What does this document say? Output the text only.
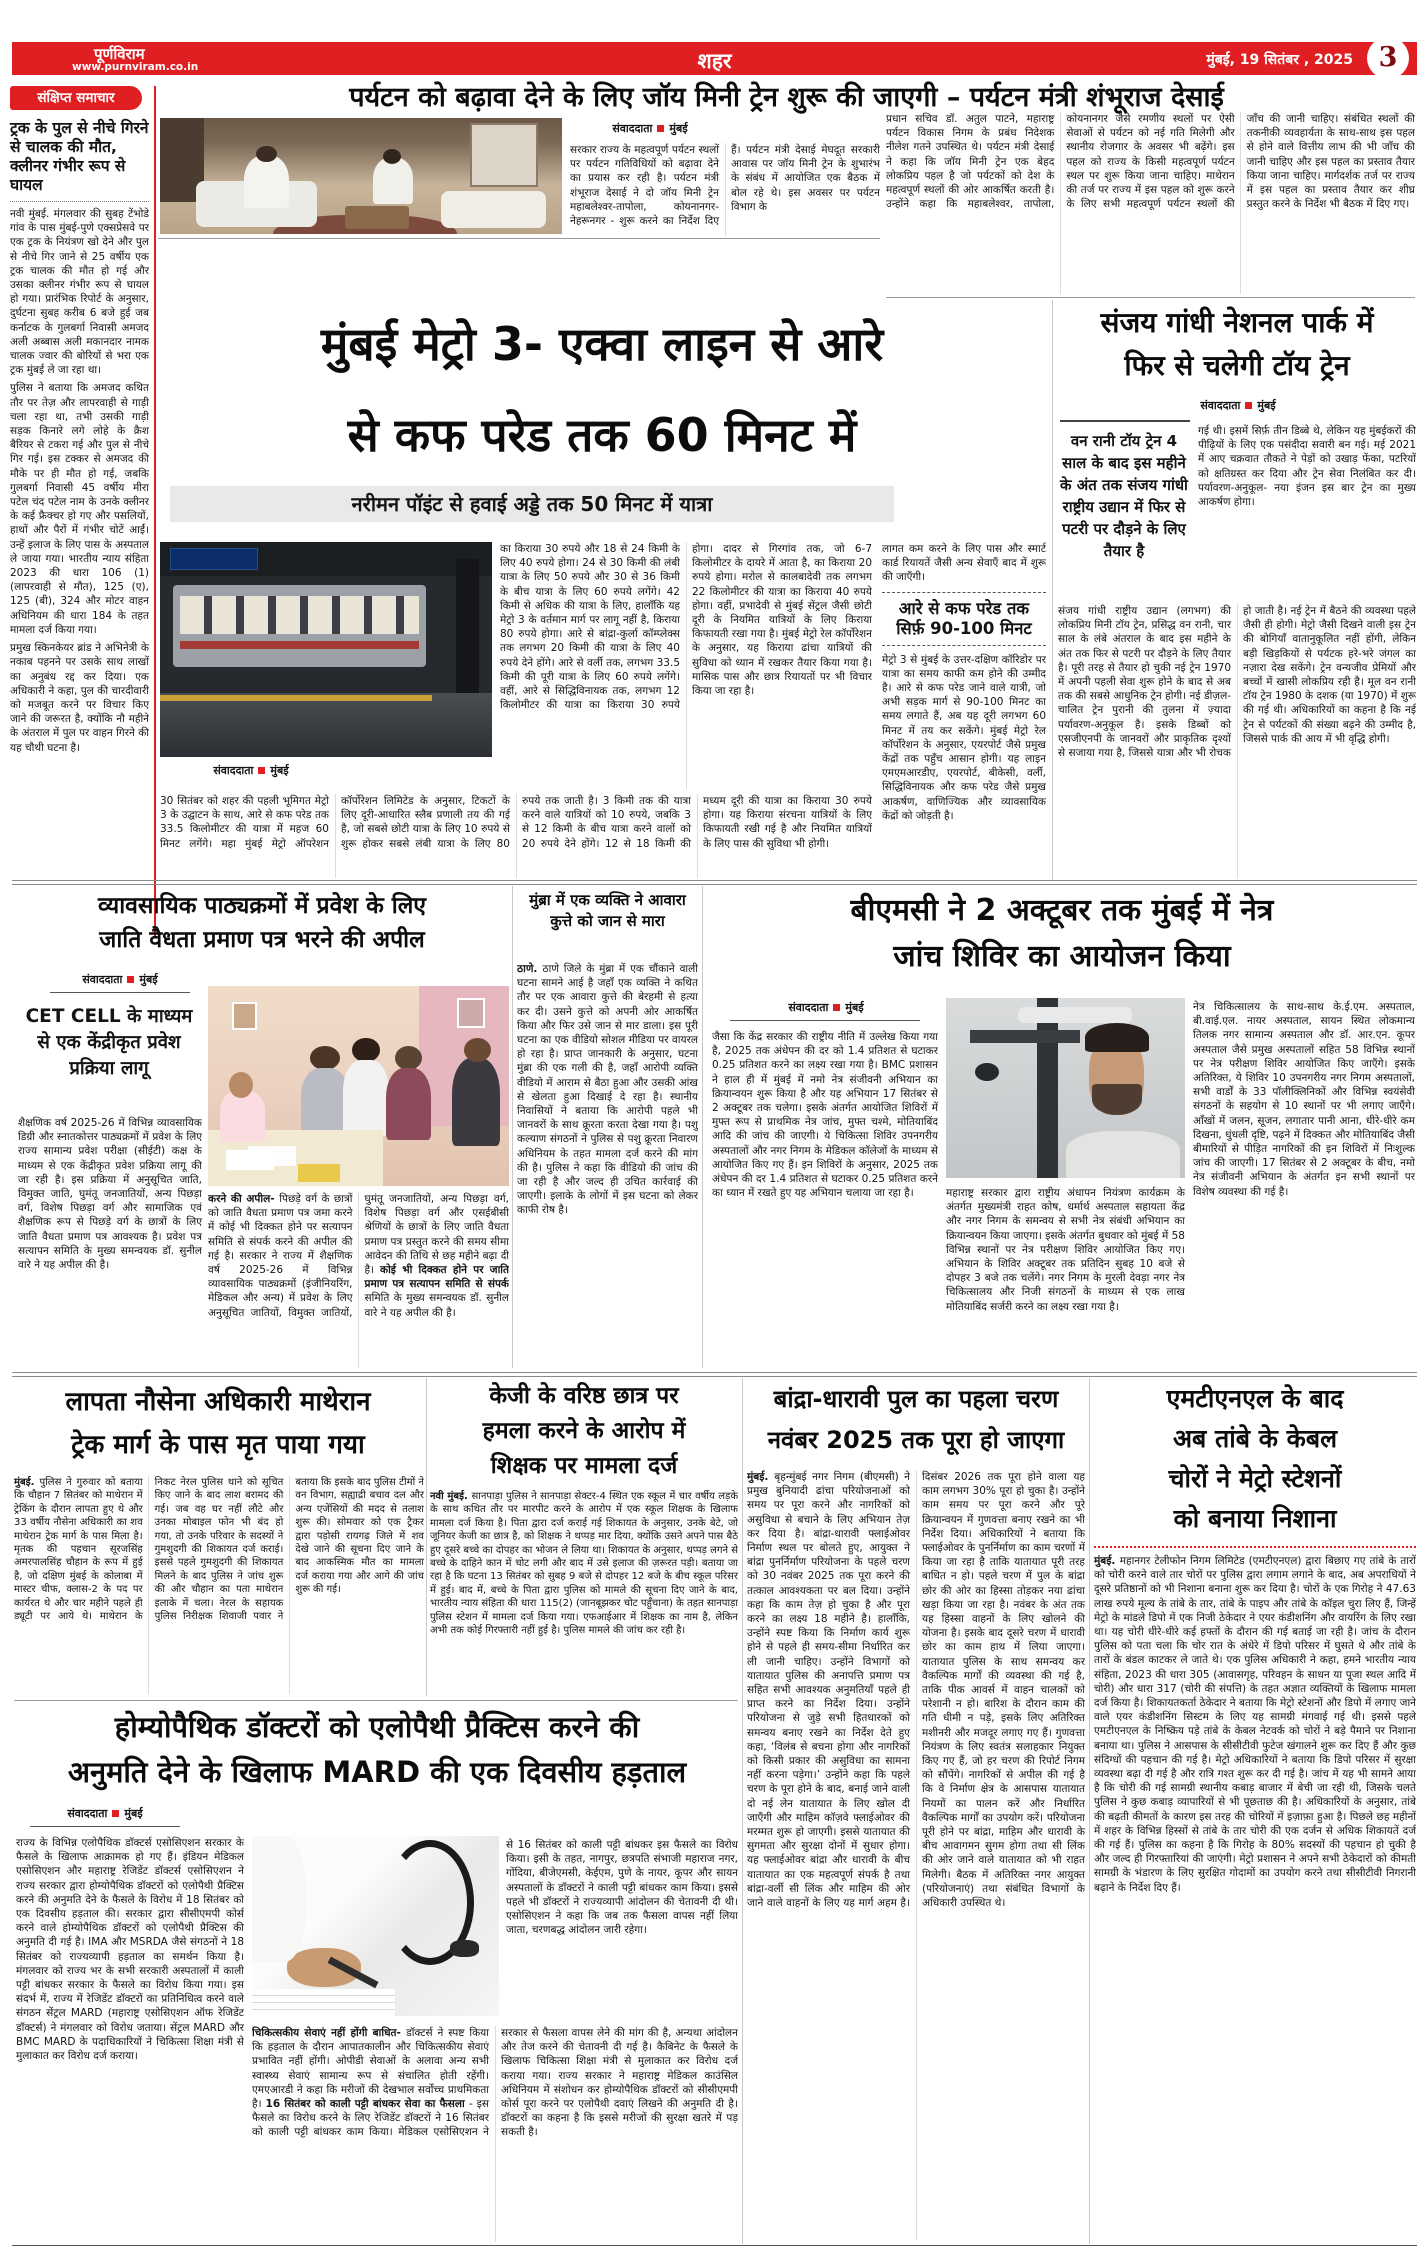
पूर्णविराम
www.purnviram.co.in	शहर	मुंबई, 19 सितंबर , 2025 3
संक्षिप्त समाचार
ट्रक के पुल से नीचे गिरने से चालक की मौत, क्लीनर गंभीर रूप से घायल
नवी मुंबई. मंगलवार की सुबह टेंभोडे गांव के पास मुंबई-पुणे एक्सप्रेसवे पर एक ट्रक के नियंत्रण खो देने और पुल से नीचे गिर जाने से 25 वर्षीय एक ट्रक चालक की मौत हो गई और उसका क्लीनर गंभीर रूप से घायल हो गया। प्रारंभिक रिपोर्ट के अनुसार, दुर्घटना सुबह करीब 6 बजे हुई जब कर्नाटक के गुलबर्गा निवासी अमजद अली अब्बास अली मकानदार नामक चालक ज्वार की बोरियों से भरा एक ट्रक मुंबई ले जा रहा था।
पुलिस ने बताया कि अमजद कथित तौर पर तेज़ और लापरवाही से गाड़ी चला रहा था, तभी उसकी गाड़ी सड़क किनारे लगे लोहे के क्रैश बैरियर से टकरा गई और पुल से नीचे गिर गई। इस टक्कर से अमजद की मौके पर ही मौत हो गई, जबकि गुलबर्गा निवासी 45 वर्षीय मीरा पटेल चंद पटेल नाम के उनके क्लीनर के कई फ्रैक्चर हो गए और पसलियों, हाथों और पैरों में गंभीर चोटें आईं। उन्हें इलाज के लिए पास के अस्पताल ले जाया गया। भारतीय न्याय संहिता 2023 की धारा 106 (1) (लापरवाही से मौत), 125 (ए), 125 (बी), 324 और मोटर वाहन अधिनियम की धारा 184 के तहत मामला दर्ज किया गया।
प्रमुख स्किनकेयर ब्रांड ने अभिनेत्री के नकाब पहनने पर उसके साथ लाखों का अनुबंध रद्द कर दिया। एक अधिकारी ने कहा, पुल की चारदीवारी को मजबूत करने पर विचार किए जाने की जरूरत है, क्योंकि नौ महीने के अंतराल में पुल पर वाहन गिरने की यह चौथी घटना है।
पर्यटन को बढ़ावा देने के लिए जॉय मिनी ट्रेन शुरू की जाएगी – पर्यटन मंत्री शंभूराज देसाई
संवाददाता मुंबई
सरकार राज्य के महत्वपूर्ण पर्यटन स्थलों पर पर्यटन गतिविधियों को बढ़ावा देने का प्रयास कर रही है। पर्यटन मंत्री शंभूराज देसाई ने दो जॉय मिनी ट्रेन महाबलेश्वर-तापोला, कोयनानगर-नेहरूनगर - शुरू करने का निर्देश दिए हैं। पर्यटन मंत्री देसाई मेघदूत सरकारी आवास पर जॉय मिनी ट्रेन के शुभारंभ के संबंध में आयोजित एक बैठक में बोल रहे थे। इस अवसर पर पर्यटन विभाग के
प्रधान सचिव डॉ. अतुल पाटने, महाराष्ट्र पर्यटन विकास निगम के प्रबंध निदेशक नीलेश गतने उपस्थित थे। पर्यटन मंत्री देसाई ने कहा कि जॉय मिनी ट्रेन एक बेहद लोकप्रिय पहल है जो पर्यटकों को देश के महत्वपूर्ण स्थलों की ओर आकर्षित करती है। उन्होंने कहा कि महाबलेश्वर, तापोला, कोयनानगर जैसे रमणीय स्थलों पर ऐसी सेवाओं से पर्यटन को नई गति मिलेगी और स्थानीय रोजगार के अवसर भी बढ़ेंगे। इस पहल को राज्य के किसी महत्वपूर्ण पर्यटन स्थल पर शुरू किया जाना चाहिए। माथेरान की तर्ज पर राज्य में इस पहल को शुरू करने के लिए सभी महत्वपूर्ण पर्यटन स्थलों की जाँच की जानी चाहिए। संबंधित स्थलों की तकनीकी व्यवहार्यता के साथ-साथ इस पहल से होने वाले वित्तीय लाभ की भी जाँच की जानी चाहिए और इस पहल का प्रस्ताव तैयार किया जाना चाहिए। मार्गदर्शक तर्ज पर राज्य में इस पहल का प्रस्ताव तैयार कर शीघ्र प्रस्तुत करने के निर्देश भी बैठक में दिए गए।
मुंबई मेट्रो 3- एक्वा लाइन से आरे
से कफ परेड तक 60 मिनट में
नरीमन पॉइंट से हवाई अड्डे तक 50 मिनट में यात्रा
संवाददाता मुंबई
का किराया 30 रुपये और 18 से 24 किमी के लिए 40 रुपये होगा। 24 से 30 किमी की लंबी यात्रा के लिए 50 रुपये और 30 से 36 किमी के बीच यात्रा के लिए 60 रुपये लगेंगे। 42 किमी से अधिक की यात्रा के लिए, हालाँकि यह मेट्रो 3 के वर्तमान मार्ग पर लागू नहीं है, किराया 80 रुपये होगा। आरे से बांद्रा-कुर्ला कॉम्प्लेक्स तक लगभग 20 किमी की यात्रा के लिए 40 रुपये देने होंगे। आरे से वर्ली तक, लगभग 33.5 किमी की पूरी यात्रा के लिए 60 रुपये लगेंगे। वहीं, आरे से सिद्धिविनायक तक, लगभग 12 किलोमीटर की यात्रा का किराया 30 रुपये होगा। दादर से गिरगांव तक, जो 6-7 किलोमीटर के दायरे में आता है, का किराया 20 रुपये होगा। मरोल से कालबादेवी तक लगभग 22 किलोमीटर की यात्रा का किराया 40 रुपये होगा। वहीं, प्रभादेवी से मुंबई सेंट्रल जैसी छोटी दूरी के नियमित यात्रियों के लिए किराया किफायती रखा गया है। मुंबई मेट्रो रेल कॉर्पोरेशन के अनुसार, यह किराया ढांचा यात्रियों की सुविधा को ध्यान में रखकर तैयार किया गया है। मासिक पास और छात्र रियायतों पर भी विचार किया जा रहा है।
लागत कम करने के लिए पास और स्मार्ट कार्ड रियायतें जैसी अन्य सेवाएँ बाद में शुरू की जाएँगी।
आरे से कफ परेड तक
सिर्फ़ 90-100 मिनट
मेट्रो 3 से मुंबई के उत्तर-दक्षिण कॉरिडोर पर यात्रा का समय काफी कम होने की उम्मीद है। आरे से कफ परेड जाने वाले यात्री, जो अभी सड़क मार्ग से 90-100 मिनट का समय लगाते हैं, अब यह दूरी लगभग 60 मिनट में तय कर सकेंगे। मुंबई मेट्रो रेल कॉर्पोरेशन के अनुसार, एयरपोर्ट जैसे प्रमुख केंद्रों तक पहुँच आसान होगी। यह लाइन एमएमआरडीए, एयरपोर्ट, बीकेसी, वर्ली, सिद्धिविनायक और कफ परेड जैसे प्रमुख आकर्षण, वाणिज्यिक और व्यावसायिक केंद्रों को जोड़ती है।
30 सितंबर को शहर की पहली भूमिगत मेट्रो 3 के उद्घाटन के साथ, आरे से कफ परेड तक 33.5 किलोमीटर की यात्रा में महज 60 मिनट लगेंगे। महा मुंबई मेट्रो ऑपरेशन कॉर्पोरेशन लिमिटेड के अनुसार, टिकटों के लिए दूरी-आधारित स्लैब प्रणाली तय की गई है, जो सबसे छोटी यात्रा के लिए 10 रुपये से शुरू होकर सबसे लंबी यात्रा के लिए 80 रुपये तक जाती है। 3 किमी तक की यात्रा करने वाले यात्रियों को 10 रुपये, जबकि 3 से 12 किमी के बीच यात्रा करने वालों को 20 रुपये देने होंगे। 12 से 18 किमी की मध्यम दूरी की यात्रा का किराया 30 रुपये होगा। यह किराया संरचना यात्रियों के लिए किफायती रखी गई है और नियमित यात्रियों के लिए पास की सुविधा भी होगी।
संजय गांधी नेशनल पार्क में
फिर से चलेगी टॉय ट्रेन
संवाददाता मुंबई
वन रानी टॉय ट्रेन 4 साल के बाद इस महीने के अंत तक संजय गांधी राष्ट्रीय उद्यान में फिर से पटरी पर दौड़ने के लिए तैयार है
गई थी। इसमें सिर्फ़ तीन डिब्बे थे, लेकिन यह मुंबईकरों की पीढ़ियों के लिए एक पसंदीदा सवारी बन गई। मई 2021 में आए चक्रवात तौकते ने पेड़ों को उखाड़ फेंका, पटरियों को क्षतिग्रस्त कर दिया और ट्रेन सेवा निलंबित कर दी। पर्यावरण-अनुकूल- नया इंजन इस बार ट्रेन का मुख्य आकर्षण होगा।
संजय गांधी राष्ट्रीय उद्यान (लगभग) की लोकप्रिय मिनी टॉय ट्रेन, प्रसिद्ध वन रानी, चार साल के लंबे अंतराल के बाद इस महीने के अंत तक फिर से पटरी पर दौड़ने के लिए तैयार है। पूरी तरह से तैयार हो चुकी नई ट्रेन 1970 में अपनी पहली सेवा शुरू होने के बाद से अब तक की सबसे आधुनिक ट्रेन होगी। नई डीज़ल-चालित ट्रेन पुरानी की तुलना में ज़्यादा पर्यावरण-अनुकूल है। इसके डिब्बों को एसजीएनपी के जानवरों और प्राकृतिक दृश्यों से सजाया गया है, जिससे यात्रा और भी रोचक हो जाती है। नई ट्रेन में बैठने की व्यवस्था पहले जैसी ही होगी। मेट्रो जैसी दिखने वाली इस ट्रेन की बोगियाँ वातानुकूलित नहीं होंगी, लेकिन बड़ी खिड़कियों से पर्यटक हरे-भरे जंगल का नज़ारा देख सकेंगे। ट्रेन वन्यजीव प्रेमियों और बच्चों में खासी लोकप्रिय रही है। मूल वन रानी टॉय ट्रेन 1980 के दशक (या 1970) में शुरू की गई थी। अधिकारियों का कहना है कि नई ट्रेन से पर्यटकों की संख्या बढ़ने की उम्मीद है, जिससे पार्क की आय में भी वृद्धि होगी।
व्यावसायिक पाठ्यक्रमों में प्रवेश के लिए
जाति वैधता प्रमाण पत्र भरने की अपील
संवाददाता मुंबई
CET CELL के माध्यम से एक केंद्रीकृत प्रवेश प्रक्रिया लागू
शैक्षणिक वर्ष 2025-26 में विभिन्न व्यावसायिक डिग्री और स्नातकोत्तर पाठ्यक्रमों में प्रवेश के लिए राज्य सामान्य प्रवेश परीक्षा (सीईटी) कक्ष के माध्यम से एक केंद्रीकृत प्रवेश प्रक्रिया लागू की जा रही है। इस प्रक्रिया में अनुसूचित जाति, विमुक्त जाति, घुमंतू जनजातियों, अन्य पिछड़ा वर्ग, विशेष पिछड़ा वर्ग और सामाजिक एवं शैक्षणिक रूप से पिछड़े वर्ग के छात्रों के लिए जाति वैधता प्रमाण पत्र आवश्यक है। प्रवेश पत्र सत्यापन समिति के मुख्य समन्वयक डॉ. सुनील वारे ने यह अपील की है।
करने की अपील- पिछड़े वर्ग के छात्रों को जाति वैधता प्रमाण पत्र जमा करने में कोई भी दिक्कत होने पर सत्यापन समिति से संपर्क करने की अपील की गई है। सरकार ने राज्य में शैक्षणिक वर्ष 2025-26 में विभिन्न व्यावसायिक पाठ्यक्रमों (इंजीनियरिंग, मेडिकल और अन्य) में प्रवेश के लिए अनुसूचित जातियों, विमुक्त जातियों, घुमंतू जनजातियों, अन्य पिछड़ा वर्ग, विशेष पिछड़ा वर्ग और एसईबीसी श्रेणियों के छात्रों के लिए जाति वैधता प्रमाण पत्र प्रस्तुत करने की समय सीमा आवेदन की तिथि से छह महीने बढ़ा दी है। कोई भी दिक्कत होने पर जाति प्रमाण पत्र सत्यापन समिति से संपर्क समिति के मुख्य समन्वयक डॉ. सुनील वारे ने यह अपील की है।
मुंब्रा में एक व्यक्ति ने आवारा कुत्ते को जान से मारा
ठाणे. ठाणे जिले के मुंब्रा में एक चौंकाने वाली घटना सामने आई है जहाँ एक व्यक्ति ने कथित तौर पर एक आवारा कुत्ते की बेरहमी से हत्या कर दी। उसने कुत्ते को अपनी ओर आकर्षित किया और फिर उसे जान से मार डाला। इस पूरी घटना का एक वीडियो सोशल मीडिया पर वायरल हो रहा है। प्राप्त जानकारी के अनुसार, घटना मुंब्रा की एक गली की है, जहाँ आरोपी व्यक्ति वीडियो में आराम से बैठा हुआ और उसकी आंख से खेलता हुआ दिखाई दे रहा है। स्थानीय निवासियों ने बताया कि आरोपी पहले भी जानवरों के साथ क्रूरता करता देखा गया है। पशु कल्याण संगठनों ने पुलिस से पशु क्रूरता निवारण अधिनियम के तहत मामला दर्ज करने की मांग की है। पुलिस ने कहा कि वीडियो की जांच की जा रही है और जल्द ही उचित कार्रवाई की जाएगी। इलाके के लोगों में इस घटना को लेकर काफी रोष है।
बीएमसी ने 2 अक्टूबर तक मुंबई में नेत्र
जांच शिविर का आयोजन किया
संवाददाता मुंबई
जैसा कि केंद्र सरकार की राष्ट्रीय नीति में उल्लेख किया गया है, 2025 तक अंधेपन की दर को 1.4 प्रतिशत से घटाकर 0.25 प्रतिशत करने का लक्ष्य रखा गया है। BMC प्रशासन ने हाल ही में मुंबई में नमो नेत्र संजीवनी अभियान का क्रियान्वयन शुरू किया है और यह अभियान 17 सितंबर से 2 अक्टूबर तक चलेगा। इसके अंतर्गत आयोजित शिविरों में मुफ्त रूप से प्राथमिक नेत्र जांच, मुफ्त चश्मे, मोतियाबिंद आदि की जांच की जाएगी। ये चिकित्सा शिविर उपनगरीय अस्पतालों और नगर निगम के मेडिकल कॉलेजों के माध्यम से आयोजित किए गए हैं। इन शिविरों के अनुसार, 2025 तक अंधेपन की दर 1.4 प्रतिशत से घटाकर 0.25 प्रतिशत करने का ध्यान में रखते हुए यह अभियान चलाया जा रहा है।	महाराष्ट्र सरकार द्वारा राष्ट्रीय अंधापन नियंत्रण कार्यक्रम के अंतर्गत मुख्यमंत्री राहत कोष, धर्मार्थ अस्पताल सहायता केंद्र और नगर निगम के समन्वय से सभी नेत्र संबंधी अभियान का क्रियान्वयन किया जाएगा। इसके अंतर्गत बुधवार को मुंबई में 58 विभिन्न स्थानों पर नेत्र परीक्षण शिविर आयोजित किए गए। अभियान के शिविर अक्टूबर तक प्रतिदिन सुबह 10 बजे से दोपहर 3 बजे तक चलेंगे। नगर निगम के मुरली देवड़ा नगर नेत्र चिकित्सालय और निजी संगठनों के माध्यम से एक लाख मोतियाबिंद सर्जरी करने का लक्ष्य रखा गया है।
नेत्र चिकित्सालय के साथ-साथ के.ई.एम. अस्पताल, बी.वाई.एल. नायर अस्पताल, सायन स्थित लोकमान्य तिलक नगर सामान्य अस्पताल और डॉ. आर.एन. कूपर अस्पताल जैसे प्रमुख अस्पतालों सहित 58 विभिन्न स्थानों पर नेत्र परीक्षण शिविर आयोजित किए जाएँगे। इसके अतिरिक्त, ये शिविर 10 उपनगरीय नगर निगम अस्पतालों, सभी वार्डों के 33 पॉलीक्लिनिकों और विभिन्न स्वयंसेवी संगठनों के सहयोग से 10 स्थानों पर भी लगाए जाएँगे। आँखों में जलन, सूजन, लगातार पानी आना, धीरे-धीरे कम दिखना, धुंधली दृष्टि, पढ़ने में दिक्कत और मोतियाबिंद जैसी बीमारियों से पीड़ित नागरिकों की इन शिविरों में निःशुल्क जांच की जाएगी। 17 सितंबर से 2 अक्टूबर के बीच, नमो नेत्र संजीवनी अभियान के अंतर्गत इन सभी स्थानों पर विशेष व्यवस्था की गई है।
लापता नौसेना अधिकारी माथेरान
ट्रेक मार्ग के पास मृत पाया गया
मुंबई. पुलिस ने गुरुवार को बताया कि चौहान 7 सितंबर को माथेरान में ट्रेकिंग के दौरान लापता हुए थे और 33 वर्षीय नौसेना अधिकारी का शव माथेरान ट्रेक मार्ग के पास मिला है। मृतक की पहचान सूरजसिंह अमरपालसिंह चौहान के रूप में हुई है, जो दक्षिण मुंबई के कोलाबा में मास्टर चीफ, क्लास-2 के पद पर कार्यरत थे और चार महीने पहले ही ड्यूटी पर आये थे। माथेरान के निकट नेरल पुलिस थाने को सूचित किए जाने के बाद लाश बरामद की गई। जब वह घर नहीं लौटे और उनका मोबाइल फोन भी बंद हो गया, तो उनके परिवार के सदस्यों ने गुमशुदगी की शिकायत दर्ज कराई। इससे पहले गुमशुदगी की शिकायत मिलने के बाद पुलिस ने जांच शुरू की और चौहान का पता माथेरान इलाके में चला। नेरल के सहायक पुलिस निरीक्षक शिवाजी पवार ने बताया कि इसके बाद पुलिस टीमों ने वन विभाग, सह्याद्री बचाव दल और अन्य एजेंसियों की मदद से तलाश शुरू की। सोमवार को एक ट्रैकर द्वारा पड़ोसी रायगढ़ जिले में शव देखे जाने की सूचना दिए जाने के बाद आकस्मिक मौत का मामला दर्ज कराया गया और आगे की जांच शुरू की गई।
केजी के वरिष्ठ छात्र पर
हमला करने के आरोप में
शिक्षक पर मामला दर्ज
नवी मुंबई. सानपाड़ा पुलिस ने सानपाड़ा सेक्टर-4 स्थित एक स्कूल में चार वर्षीय लड़के के साथ कथित तौर पर मारपीट करने के आरोप में एक स्कूल शिक्षक के खिलाफ मामला दर्ज किया है। पिता द्वारा दर्ज कराई गई शिकायत के अनुसार, उनके बेटे, जो जूनियर केजी का छात्र है, को शिक्षक ने थप्पड़ मार दिया, क्योंकि उसने अपने पास बैठे हुए दूसरे बच्चे का दोपहर का भोजन ले लिया था। शिकायत के अनुसार, थप्पड़ लगने से बच्चे के दाहिने कान में चोट लगी और बाद में उसे इलाज की ज़रूरत पड़ी। बताया जा रहा है कि घटना 13 सितंबर को सुबह 9 बजे से दोपहर 12 बजे के बीच स्कूल परिसर में हुई। बाद में, बच्चे के पिता द्वारा पुलिस को मामले की सूचना दिए जाने के बाद, भारतीय न्याय संहिता की धारा 115(2) (जानबूझकर चोट पहुँचाना) के तहत सानपाड़ा पुलिस स्टेशन में मामला दर्ज किया गया। एफआईआर में शिक्षक का नाम है, लेकिन अभी तक कोई गिरफ्तारी नहीं हुई है। पुलिस मामले की जांच कर रही है।
बांद्रा-धारावी पुल का पहला चरण
नवंबर 2025 तक पूरा हो जाएगा
मुंबई. बृहन्मुंबई नगर निगम (बीएमसी) ने प्रमुख बुनियादी ढांचा परियोजनाओं को समय पर पूरा करने और नागरिकों को असुविधा से बचाने के लिए अभियान तेज़ कर दिया है। बांद्रा-धारावी फ्लाईओवर निर्माण स्थल पर बोलते हुए, आयुक्त ने बांद्रा पुनर्निर्माण परियोजना के पहले चरण को 30 नवंबर 2025 तक पूरा करने की तत्काल आवश्यकता पर बल दिया। उन्होंने कहा कि काम तेज़ हो चुका है और पूरा करने का लक्ष्य 18 महीने है। हालाँकि, उन्होंने स्पष्ट किया कि निर्माण कार्य शुरू होने से पहले ही समय-सीमा निर्धारित कर ली जानी चाहिए। उन्होंने विभागों को यातायात पुलिस की अनापत्ति प्रमाण पत्र सहित सभी आवश्यक अनुमतियाँ पहले ही प्राप्त करने का निर्देश दिया। उन्होंने परियोजना से जुड़े सभी हितधारकों को समन्वय बनाए रखने का निर्देश देते हुए कहा, ‘विलंब से बचना होगा और नागरिकों को किसी प्रकार की असुविधा का सामना नहीं करना पड़ेगा।’ उन्होंने कहा कि पहले चरण के पूरा होने के बाद, बनाई जाने वाली दो नई लेन यातायात के लिए खोल दी जाएँगी और माहिम कॉज़वे फ्लाईओवर की मरम्मत शुरू हो जाएगी। इससे यातायात की सुगमता और सुरक्षा दोनों में सुधार होगा। यह फ्लाईओवर बांद्रा और धारावी के बीच यातायात का एक महत्वपूर्ण संपर्क है तथा बांद्रा-वर्ली सी लिंक और माहिम की ओर जाने वाले वाहनों के लिए यह मार्ग अहम है। दिसंबर 2026 तक पूरा होने वाला यह काम लगभग 30% पूरा हो चुका है। उन्होंने काम समय पर पूरा करने और पूरे क्रियान्वयन में गुणवत्ता बनाए रखने का भी निर्देश दिया। अधिकारियों ने बताया कि फ्लाईओवर के पुनर्निर्माण का काम चरणों में किया जा रहा है ताकि यातायात पूरी तरह बाधित न हो। पहले चरण में पुल के बांद्रा छोर की ओर का हिस्सा तोड़कर नया ढांचा खड़ा किया जा रहा है। नवंबर के अंत तक यह हिस्सा वाहनों के लिए खोलने की योजना है। इसके बाद दूसरे चरण में धारावी छोर का काम हाथ में लिया जाएगा। यातायात पुलिस के साथ समन्वय कर वैकल्पिक मार्गों की व्यवस्था की गई है, ताकि पीक आवर्स में वाहन चालकों को परेशानी न हो। बारिश के दौरान काम की गति धीमी न पड़े, इसके लिए अतिरिक्त मशीनरी और मजदूर लगाए गए हैं। गुणवत्ता नियंत्रण के लिए स्वतंत्र सलाहकार नियुक्त किए गए हैं, जो हर चरण की रिपोर्ट निगम को सौंपेंगे। नागरिकों से अपील की गई है कि वे निर्माण क्षेत्र के आसपास यातायात नियमों का पालन करें और निर्धारित वैकल्पिक मार्गों का उपयोग करें। परियोजना पूरी होने पर बांद्रा, माहिम और धारावी के बीच आवागमन सुगम होगा तथा सी लिंक की ओर जाने वाले यातायात को भी राहत मिलेगी। बैठक में अतिरिक्त नगर आयुक्त (परियोजनाएं) तथा संबंधित विभागों के अधिकारी उपस्थित थे।
एमटीएनएल के बाद
अब तांबे के केबल
चोरों ने मेट्रो स्टेशनों
को बनाया निशाना
मुंबई. महानगर टेलीफोन निगम लिमिटेड (एमटीएनएल) द्वारा बिछाए गए तांबे के तारों को चोरी करने वाले तार चोरों पर पुलिस द्वारा लगाम लगाने के बाद, अब अपराधियों ने दूसरे प्रतिष्ठानों को भी निशाना बनाना शुरू कर दिया है। चोरों के एक गिरोह ने 47.63 लाख रुपये मूल्य के तांबे के तार, तांबे के पाइप और तांबे के कॉइल चुरा लिए हैं, जिन्हें मेट्रो के मांडले डिपो में एक निजी ठेकेदार ने एयर कंडीशनिंग और वायरिंग के लिए रखा था। यह चोरी धीरे-धीरे कई हफ्तों के दौरान की गई बताई जा रही है। जांच के दौरान पुलिस को पता चला कि चोर रात के अंधेरे में डिपो परिसर में घुसते थे और तांबे के तारों के बंडल काटकर ले जाते थे। एक पुलिस अधिकारी ने कहा, हमने भारतीय न्याय संहिता, 2023 की धारा 305 (आवासगृह, परिवहन के साधन या पूजा स्थल आदि में चोरी) और धारा 317 (चोरी की संपत्ति) के तहत अज्ञात व्यक्तियों के खिलाफ मामला दर्ज किया है। शिकायतकर्ता ठेकेदार ने बताया कि मेट्रो स्टेशनों और डिपो में लगाए जाने वाले एयर कंडीशनिंग सिस्टम के लिए यह सामग्री मंगवाई गई थी। इससे पहले एमटीएनएल के निष्क्रिय पड़े तांबे के केबल नेटवर्क को चोरों ने बड़े पैमाने पर निशाना बनाया था। पुलिस ने आसपास के सीसीटीवी फुटेज खंगालने शुरू कर दिए हैं और कुछ संदिग्धों की पहचान की गई है। मेट्रो अधिकारियों ने बताया कि डिपो परिसर में सुरक्षा व्यवस्था बढ़ा दी गई है और रात्रि गश्त शुरू कर दी गई है। जांच में यह भी सामने आया है कि चोरी की गई सामग्री स्थानीय कबाड़ बाजार में बेची जा रही थी, जिसके चलते पुलिस ने कुछ कबाड़ व्यापारियों से भी पूछताछ की है। अधिकारियों के अनुसार, तांबे की बढ़ती कीमतों के कारण इस तरह की चोरियों में इज़ाफ़ा हुआ है। पिछले छह महीनों में शहर के विभिन्न हिस्सों से तांबे के तार चोरी की एक दर्जन से अधिक शिकायतें दर्ज की गई हैं। पुलिस का कहना है कि गिरोह के 80% सदस्यों की पहचान हो चुकी है और जल्द ही गिरफ्तारियां की जाएंगी। मेट्रो प्रशासन ने अपने सभी ठेकेदारों को कीमती सामग्री के भंडारण के लिए सुरक्षित गोदामों का उपयोग करने तथा सीसीटीवी निगरानी बढ़ाने के निर्देश दिए हैं।
होम्योपैथिक डॉक्टरों को एलोपैथी प्रैक्टिस करने की
अनुमति देने के खिलाफ MARD की एक दिवसीय हड़ताल
संवाददाता मुंबई
राज्य के विभिन्न एलोपैथिक डॉक्टर्स एसोसिएशन सरकार के फैसले के खिलाफ आक्रामक हो गए हैं। इंडियन मेडिकल एसोसिएशन और महाराष्ट्र रेजिडेंट डॉक्टर्स एसोसिएशन ने राज्य सरकार द्वारा होम्योपैथिक डॉक्टरों को एलोपैथी प्रैक्टिस करने की अनुमति देने के फैसले के विरोध में 18 सितंबर को एक दिवसीय हड़ताल की। सरकार द्वारा सीसीएमपी कोर्स करने वाले होम्योपैथिक डॉक्टरों को एलोपैथी प्रैक्टिस की अनुमति दी गई है। IMA और MSRDA जैसे संगठनों ने 18 सितंबर को राज्यव्यापी हड़ताल का समर्थन किया है। मंगलवार को राज्य भर के सभी सरकारी अस्पतालों में काली पट्टी बांधकर सरकार के फैसले का विरोध किया गया। इस संदर्भ में, राज्य में रेजिडेंट डॉक्टरों का प्रतिनिधित्व करने वाले संगठन सेंट्रल MARD (महाराष्ट्र एसोसिएशन ऑफ रेजिडेंट डॉक्टर्स) ने मंगलवार को विरोध जताया। सेंट्रल MARD और BMC MARD के पदाधिकारियों ने चिकित्सा शिक्षा मंत्री से मुलाकात कर विरोध दर्ज कराया।
से 16 सितंबर को काली पट्टी बांधकर इस फैसले का विरोध किया। इसी के तहत, नागपुर, छत्रपति संभाजी महाराज नगर, गोंदिया, बीजेएमसी, केईएम, पुणे के नायर, कूपर और सायन अस्पतालों के डॉक्टरों ने काली पट्टी बांधकर काम किया। इससे पहले भी डॉक्टरों ने राज्यव्यापी आंदोलन की चेतावनी दी थी। एसोसिएशन ने कहा कि जब तक फैसला वापस नहीं लिया जाता, चरणबद्ध आंदोलन जारी रहेगा।
चिकित्सकीय सेवाएं नहीं होंगी बाधित- डॉक्टर्स ने स्पष्ट किया कि हड़ताल के दौरान आपातकालीन और चिकित्सकीय सेवाएं प्रभावित नहीं होंगी। ओपीडी सेवाओं के अलावा अन्य सभी स्वास्थ्य सेवाएं सामान्य रूप से संचालित होती रहेंगी। एमएआरडी ने कहा कि मरीजों की देखभाल सर्वोच्च प्राथमिकता है। 16 सितंबर को काली पट्टी बांधकर सेवा का फैसला - इस फैसले का विरोध करने के लिए रेजिडेंट डॉक्टरों ने 16 सितंबर को काली पट्टी बांधकर काम किया। मेडिकल एसोसिएशन ने सरकार से फैसला वापस लेने की मांग की है, अन्यथा आंदोलन और तेज करने की चेतावनी दी गई है। कैबिनेट के फैसले के खिलाफ चिकित्सा शिक्षा मंत्री से मुलाकात कर विरोध दर्ज कराया गया। राज्य सरकार ने महाराष्ट्र मेडिकल काउंसिल अधिनियम में संशोधन कर होम्योपैथिक डॉक्टरों को सीसीएमपी कोर्स पूरा करने पर एलोपैथी दवाएं लिखने की अनुमति दी है। डॉक्टरों का कहना है कि इससे मरीजों की सुरक्षा खतरे में पड़ सकती है।
